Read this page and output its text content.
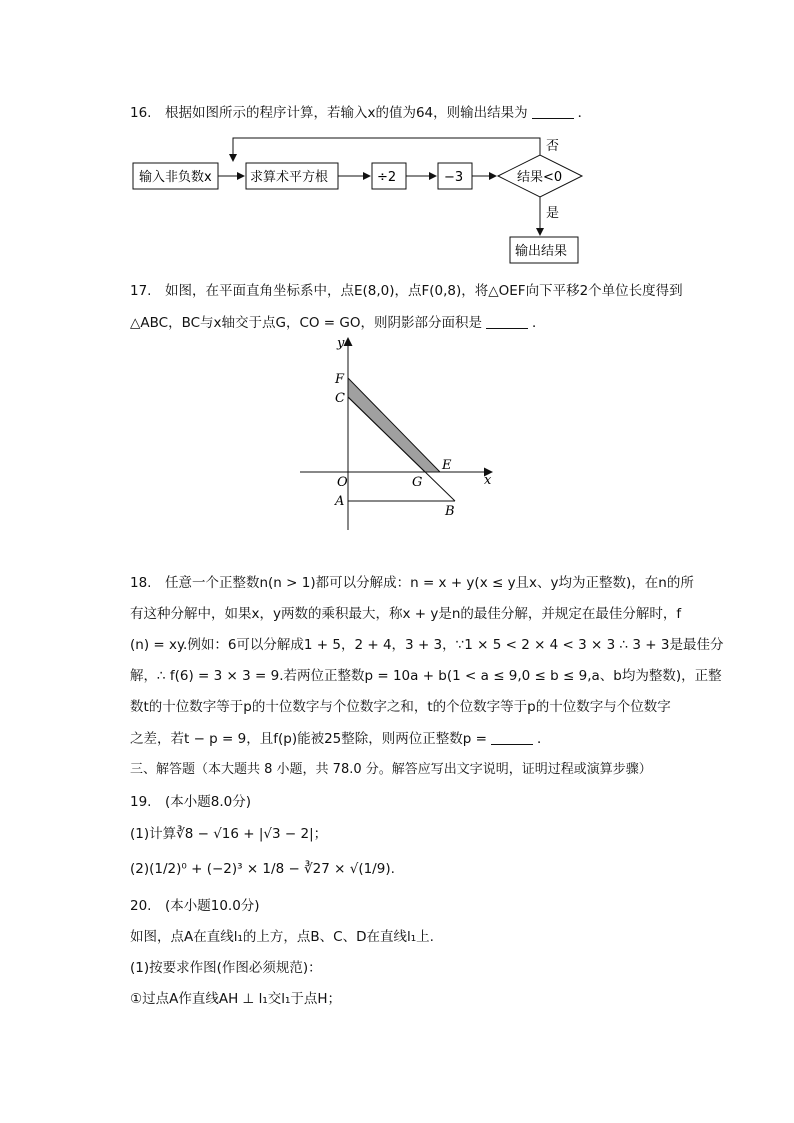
16.　根据如图所示的程序计算，若输入x的值为64，则输出结果为	．
输入非负数x	求算术平方根	÷2	−3	结果<0
输出结果
否
是
17.　如图，在平面直角坐标系中，点E(8,0)，点F(0,8)，将△OEF向下平移2个单位长度得到
△ABC，BC与x轴交于点G，CO = GO，则阴影部分面积是	．
y
F
C
O	G
E
x
A
B
18.　任意一个正整数n(n > 1)都可以分解成：n = x + y(x ≤ y且x、y均为正整数)，在n的所
有这种分解中，如果x，y两数的乘积最大，称x + y是n的最佳分解，并规定在最佳分解时，f
(n) = xy.例如：6可以分解成1 + 5，2 + 4，3 + 3，∵1 × 5 < 2 × 4 < 3 × 3 ∴ 3 + 3是最佳分
解，∴ f(6) = 3 × 3 = 9.若两位正整数p = 10a + b(1 < a ≤ 9,0 ≤ b ≤ 9,a、b均为整数)，正整
数t的十位数字等于p的十位数字与个位数字之和，t的个位数字等于p的十位数字与个位数字
之差，若t − p = 9，且f(p)能被25整除，则两位正整数p =	．
三、解答题（本大题共 8 小题，共 78.0 分。解答应写出文字说明，证明过程或演算步骤）
19.　(本小题8.0分)
(1)计算∛8 − √16 + |√3 − 2|；
(2)(1/2)⁰ + (−2)³ × 1/8 − ∛27 × √(1/9).
20.　(本小题10.0分)
如图，点A在直线l₁的上方，点B、C、D在直线l₁上.
(1)按要求作图(作图必须规范)：
①过点A作直线AH ⊥ l₁交l₁于点H；
